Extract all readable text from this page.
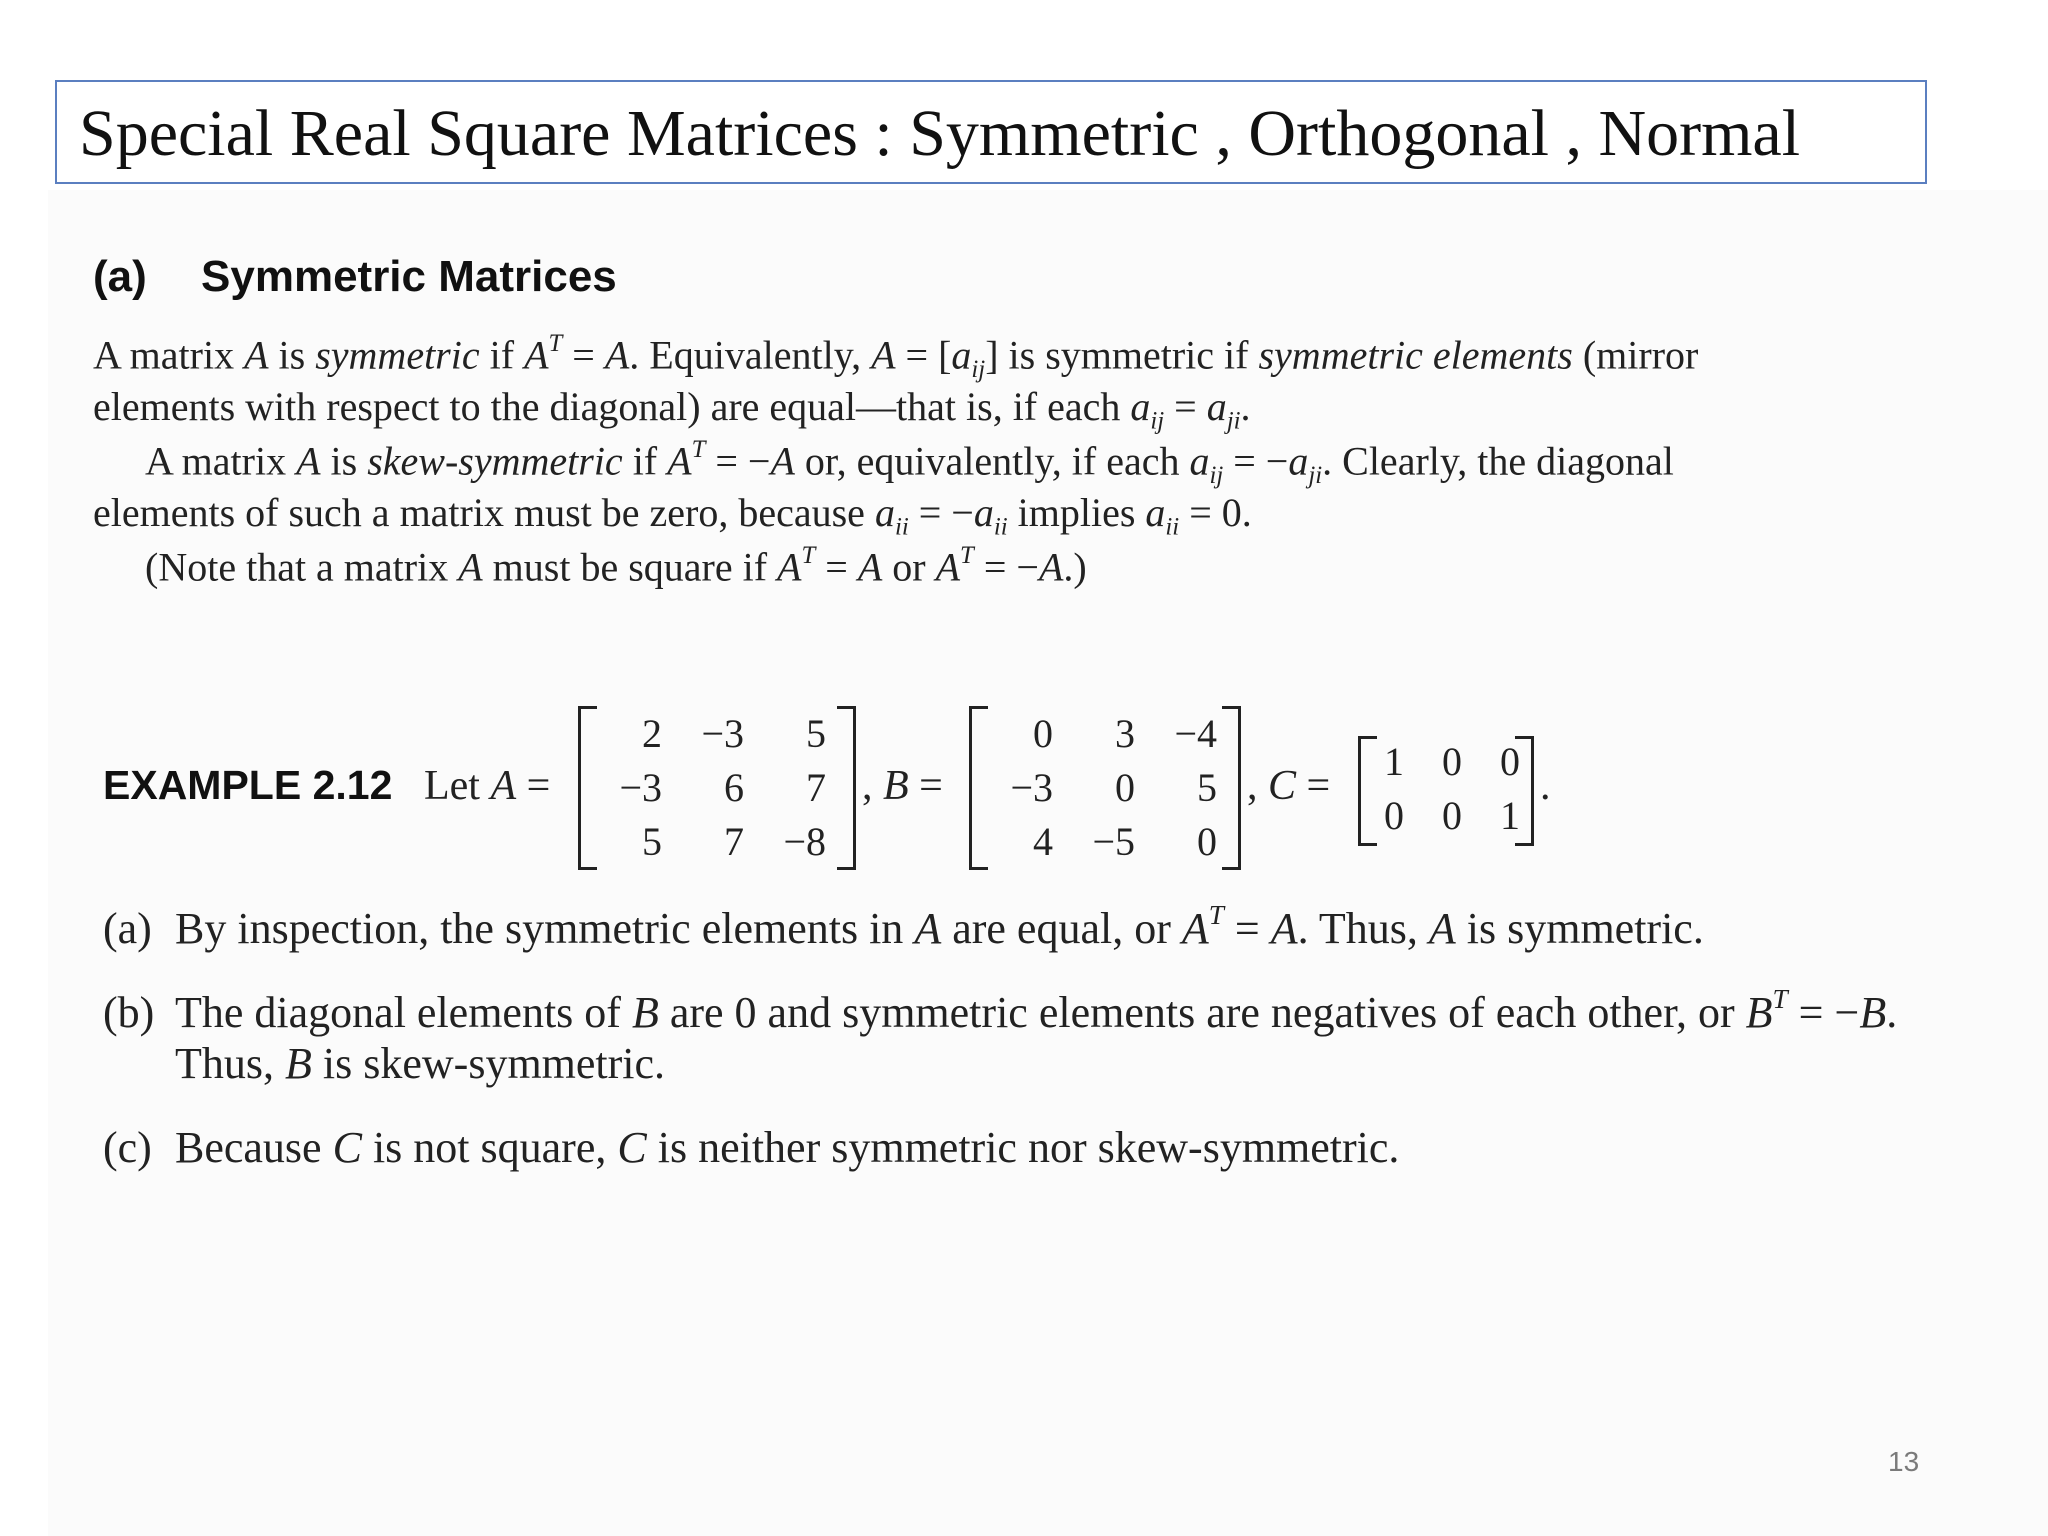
Special Real Square Matrices : Symmetric , Orthogonal , Normal
(a) Symmetric Matrices
A matrix A is symmetric if $A^T = A$. Equivalently, $A = [a_{ij}]$ is symmetric if symmetric elements (mirror
elements with respect to the diagonal) are equal—that is, if each $a_{ij} = a_{ji}$.
A matrix A is skew-symmetric if $A^T = -A$ or, equivalently, if each $a_{ij} = -a_{ji}$. Clearly, the diagonal
elements of such a matrix must be zero, because $a_{ii} = -a_{ii}$ implies $a_{ii} = 0$.
(Note that a matrix A must be square if $A^T = A$ or $A^T = -A$.)
EXAMPLE 2.12 Let A =
2 −3	5
−3	6	7
5	7 −8
, B =
0	3 −4
−3	0	5
4 −5	0
, C =
1 0 0
0 0 1
.
(a) By inspection, the symmetric elements in A are equal, or $A^T = A$. Thus, A is symmetric.
(b) The diagonal elements of B are 0 and symmetric elements are negatives of each other, or $B^T = -B$.
Thus, B is skew-symmetric.
(c) Because C is not square, C is neither symmetric nor skew-symmetric.
13
